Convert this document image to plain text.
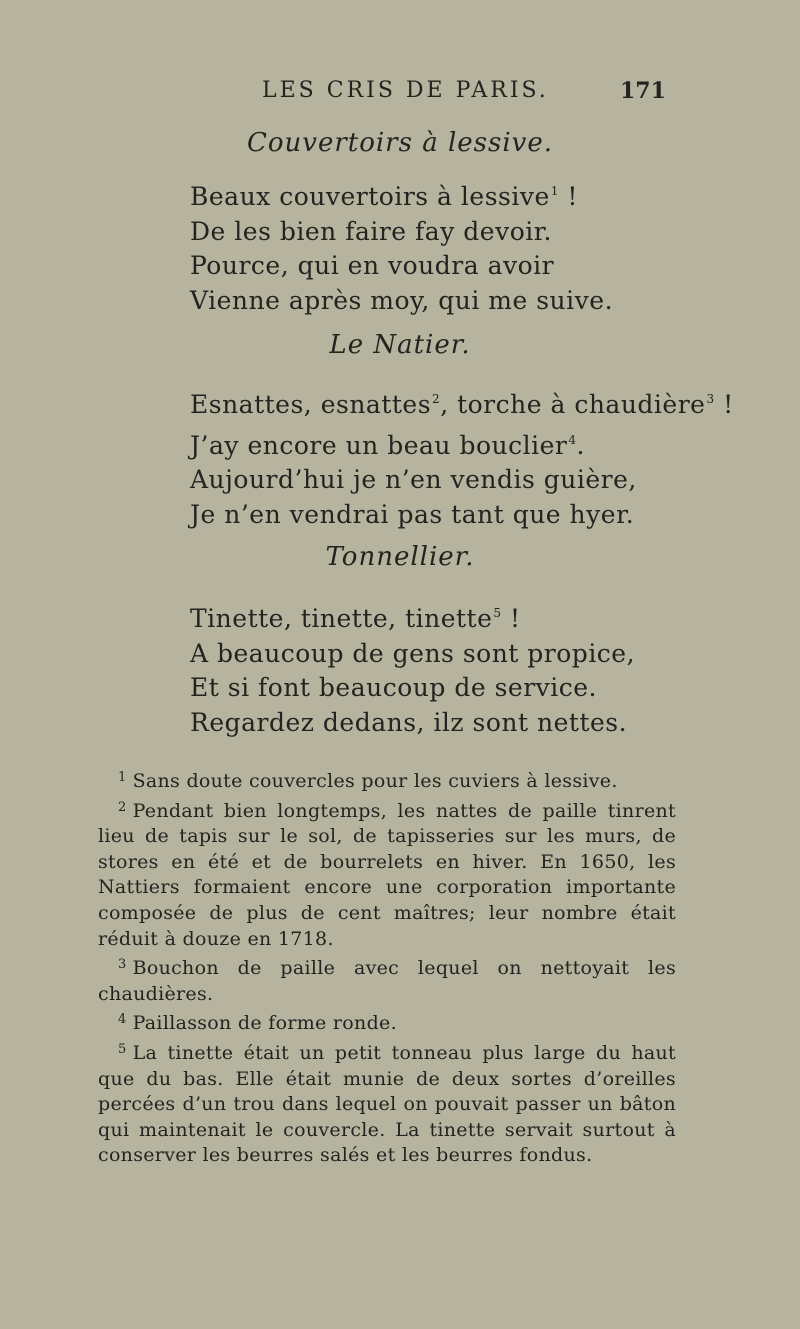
LES CRIS DE PARIS.	171
Couvertoirs à lessive.
Beaux couvertoirs à lessive$^1$ !
De les bien faire fay devoir.
Pource, qui en voudra avoir
Vienne après moy, qui me suive.
Le Natier.
Esnattes, esnattes$^2$, torche à chaudière$^3$ !
J’ay encore un beau bouclier$^4$.
Aujourd’hui je n’en vendis guière,
Je n’en vendrai pas tant que hyer.
Tonnellier.
Tinette, tinette, tinette$^5$ !
A beaucoup de gens sont propice,
Et si font beaucoup de service.
Regardez dedans, ilz sont nettes.
$^1$ Sans doute couvercles pour les cuviers à lessive.
$^2$ Pendant bien longtemps, les nattes de paille tinrent lieu de tapis sur le sol, de tapisseries sur les murs, de stores en été et de bourrelets en hiver. En 1650, les Nattiers formaient encore une corporation importante composée de plus de cent maîtres; leur nombre était réduit à douze en 1718.
$^3$ Bouchon de paille avec lequel on nettoyait les chaudières.
$^4$ Paillasson de forme ronde.
$^5$ La tinette était un petit tonneau plus large du haut que du bas. Elle était munie de deux sortes d’oreilles percées d’un trou dans lequel on pouvait passer un bâton qui maintenait le couvercle. La tinette servait surtout à conserver les beurres salés et les beurres fondus.
